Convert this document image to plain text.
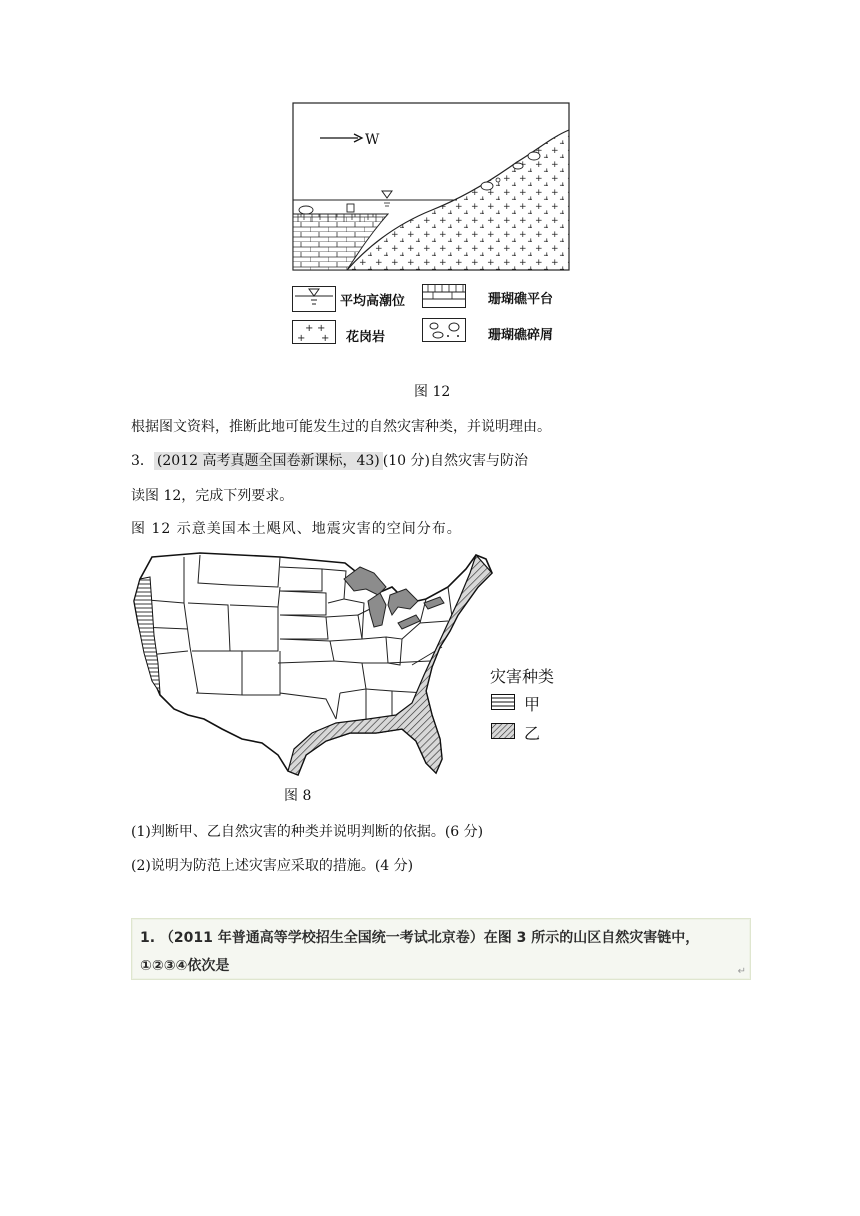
W
平均高潮位	珊瑚礁平台
+ +
+ + 花岗岩	珊瑚礁碎屑
图 12
根据图文资料，推断此地可能发生过的自然灾害种类，并说明理由。
3． (2012 高考真题全国卷新课标，43) (10 分)自然灾害与防治
读图 12，完成下列要求。
图 12 示意美国本土飓风、地震灾害的空间分布。
灾害种类
甲
乙
图 8
(1)判断甲、乙自然灾害的种类并说明判断的依据。(6 分)
(2)说明为防范上述灾害应采取的措施。(4 分)
1. （2011 年普通高等学校招生全国统一考试北京卷）在图 3 所示的山区自然灾害链中，
①②③④依次是	↵
